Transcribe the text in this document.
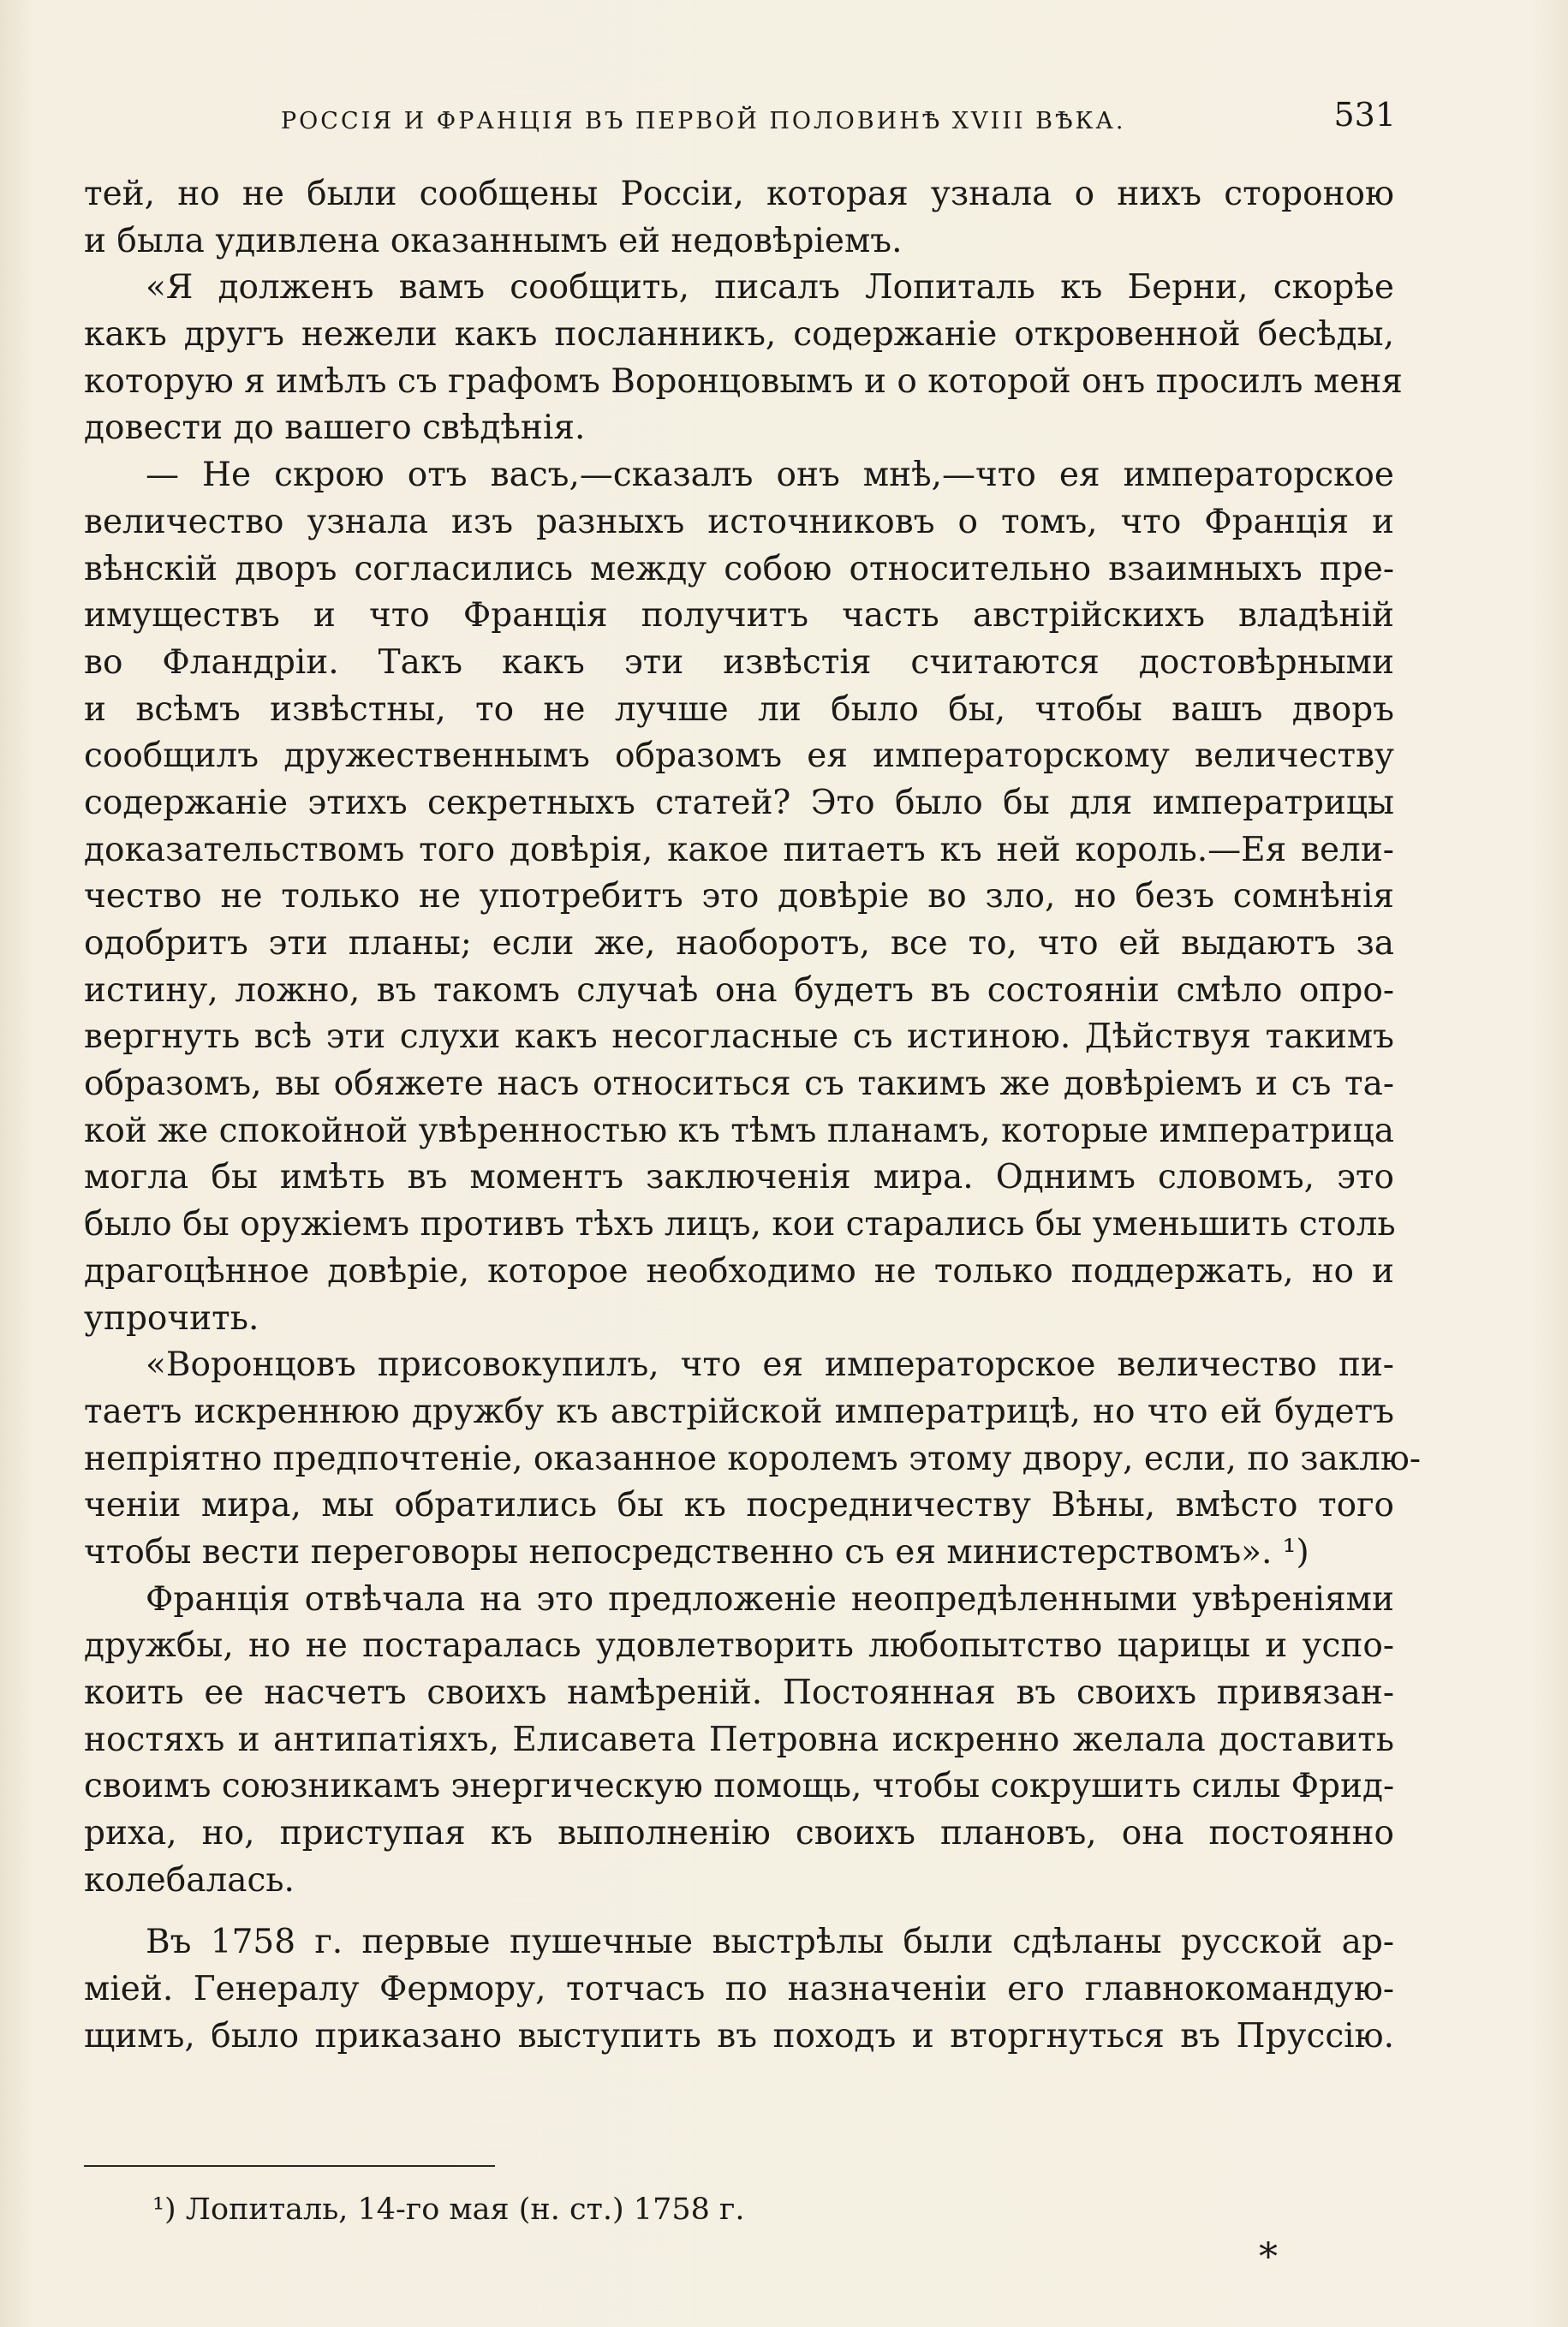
РОССІЯ И ФРАНЦІЯ ВЪ ПЕРВОЙ ПОЛОВИНѢ XVIII ВѢКА.	531
тей, но не были сообщены Россіи, которая узнала о нихъ стороною
и была удивлена оказаннымъ ей недовѣріемъ.
«Я долженъ вамъ сообщить, писалъ Лопиталь къ Берни, скорѣе
какъ другъ нежели какъ посланникъ, содержаніе откровенной бесѣды,
которую я имѣлъ съ графомъ Воронцовымъ и о которой онъ просилъ меня
довести до вашего свѣдѣнія.
— Не скрою отъ васъ,—сказалъ онъ мнѣ,—что ея императорское
величество узнала изъ разныхъ источниковъ о томъ, что Франція и
вѣнскій дворъ согласились между собою относительно взаимныхъ пре-
имуществъ и что Франція получитъ часть австрійскихъ владѣній
во Фландріи. Такъ какъ эти извѣстія считаются достовѣрными
и всѣмъ извѣстны, то не лучше ли было бы, чтобы вашъ дворъ
сообщилъ дружественнымъ образомъ ея императорскому величеству
содержаніе этихъ секретныхъ статей? Это было бы для императрицы
доказательствомъ того довѣрія, какое питаетъ къ ней король.—Ея вели-
чество не только не употребитъ это довѣріе во зло, но безъ сомнѣнія
одобритъ эти планы; если же, наоборотъ, все то, что ей выдаютъ за
истину, ложно, въ такомъ случаѣ она будетъ въ состояніи смѣло опро-
вергнуть всѣ эти слухи какъ несогласные съ истиною. Дѣйствуя такимъ
образомъ, вы обяжете насъ относиться съ такимъ же довѣріемъ и съ та-
кой же спокойной увѣренностью къ тѣмъ планамъ, которые императрица
могла бы имѣть въ моментъ заключенія мира. Однимъ словомъ, это
было бы оружіемъ противъ тѣхъ лицъ, кои старались бы уменьшить столь
драгоцѣнное довѣріе, которое необходимо не только поддержать, но и
упрочить.
«Воронцовъ присовокупилъ, что ея императорское величество пи-
таетъ искреннюю дружбу къ австрійской императрицѣ, но что ей будетъ
непріятно предпочтеніе, оказанное королемъ этому двору, если, по заклю-
ченіи мира, мы обратились бы къ посредничеству Вѣны, вмѣсто того
чтобы вести переговоры непосредственно съ ея министерствомъ». ¹)
Франція отвѣчала на это предложеніе неопредѣленными увѣреніями
дружбы, но не постаралась удовлетворить любопытство царицы и успо-
коить ее насчетъ своихъ намѣреній. Постоянная въ своихъ привязан-
ностяхъ и антипатіяхъ, Елисавета Петровна искренно желала доставить
своимъ союзникамъ энергическую помощь, чтобы сокрушить силы Фрид-
риха, но, приступая къ выполненію своихъ плановъ, она постоянно
колебалась.
Въ 1758 г. первые пушечные выстрѣлы были сдѣланы русской ар-
міей. Генералу Фермору, тотчасъ по назначеніи его главнокомандую-
щимъ, было приказано выступить въ походъ и вторгнуться въ Пруссію.
¹) Лопиталь, 14-го мая (н. ст.) 1758 г.
*
